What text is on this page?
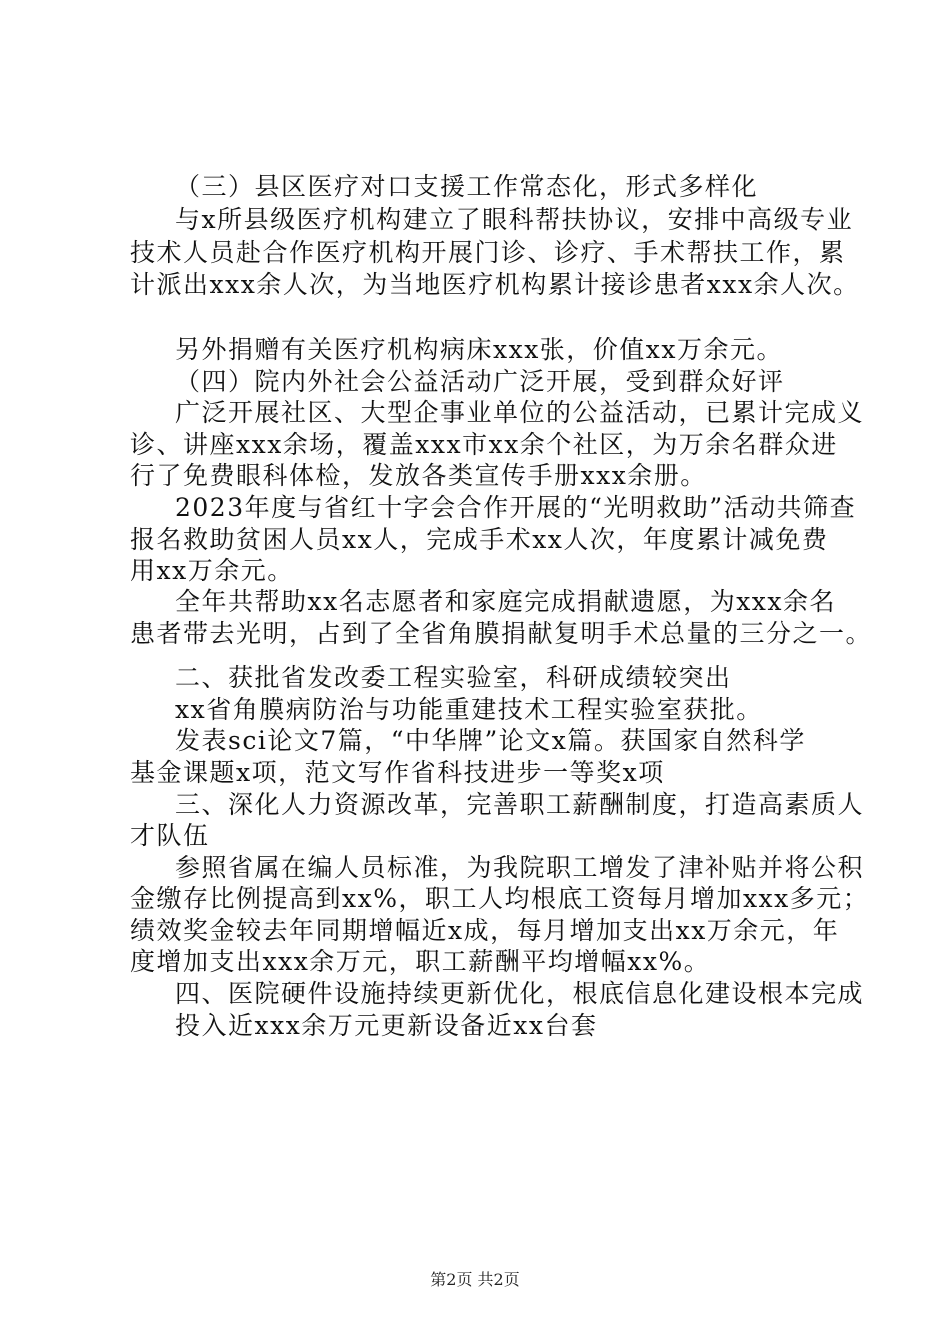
（三）县区医疗对口支援工作常态化，形式多样化
与x所县级医疗机构建立了眼科帮扶协议，安排中高级专业
技术人员赴合作医疗机构开展门诊、诊疗、手术帮扶工作，累
计派出xxx余人次，为当地医疗机构累计接诊患者xxx余人次。
另外捐赠有关医疗机构病床xxx张，价值xx万余元。
（四）院内外社会公益活动广泛开展，受到群众好评
广泛开展社区、大型企事业单位的公益活动，已累计完成义
诊、讲座xxx余场，覆盖xxx市xx余个社区，为万余名群众进
行了免费眼科体检，发放各类宣传手册xxx余册。
2023年度与省红十字会合作开展的“光明救助”活动共筛查
报名救助贫困人员xx人，完成手术xx人次，年度累计减免费
用xx万余元。
全年共帮助xx名志愿者和家庭完成捐献遗愿，为xxx余名
患者带去光明，占到了全省角膜捐献复明手术总量的三分之一。
二、获批省发改委工程实验室，科研成绩较突出
xx省角膜病防治与功能重建技术工程实验室获批。
发表sci论文7篇，“中华牌”论文x篇。获国家自然科学
基金课题x项，范文写作省科技进步一等奖x项
三、深化人力资源改革，完善职工薪酬制度，打造高素质人
才队伍
参照省属在编人员标准，为我院职工增发了津补贴并将公积
金缴存比例提高到xx%，职工人均根底工资每月增加xxx多元；
绩效奖金较去年同期增幅近x成，每月增加支出xx万余元，年
度增加支出xxx余万元，职工薪酬平均增幅xx%。
四、医院硬件设施持续更新优化，根底信息化建设根本完成
投入近xxx余万元更新设备近xx台套
第2页 共2页
